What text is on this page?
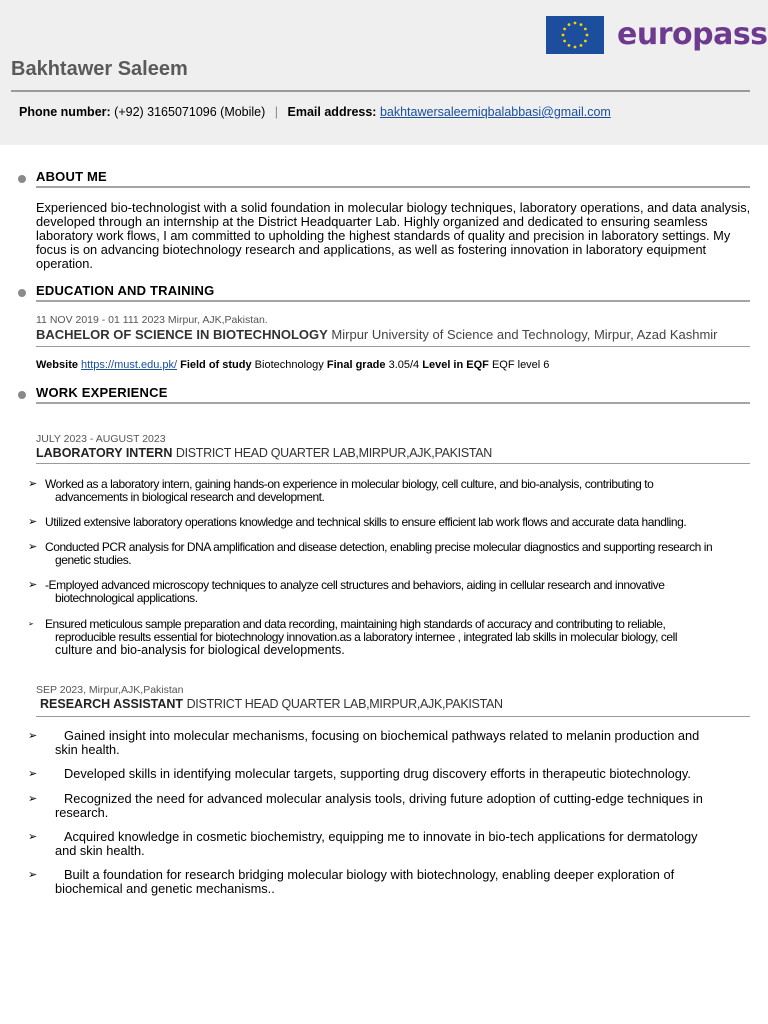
europass
Bakhtawer Saleem
Phone number: (+92) 3165071096 (Mobile) | Email address: bakhtawersaleemiqbalabbasi@gmail.com
ABOUT ME
Experienced bio-technologist with a solid foundation in molecular biology techniques, laboratory operations, and data analysis, developed through an internship at the District Headquarter Lab. Highly organized and dedicated to ensuring seamless laboratory work flows, I am committed to upholding the highest standards of quality and precision in laboratory settings. My focus is on advancing biotechnology research and applications, as well as fostering innovation in laboratory equipment operation.
EDUCATION AND TRAINING
11 NOV 2019 - 01 111 2023 Mirpur, AJK,Pakistan.
BACHELOR OF SCIENCE IN BIOTECHNOLOGY Mirpur University of Science and Technology, Mirpur, Azad Kashmir
Website https://must.edu.pk/ Field of study Biotechnology Final grade 3.05/4 Level in EQF EQF level 6
WORK EXPERIENCE
JULY 2023 - AUGUST 2023
LABORATORY INTERN DISTRICT HEAD QUARTER LAB,MIRPUR,AJK,PAKISTAN
➢ Worked as a laboratory intern, gaining hands-on experience in molecular biology, cell culture, and bio-analysis, contributing to
advancements in biological research and development.
➢ Utilized extensive laboratory operations knowledge and technical skills to ensure efficient lab work flows and accurate data handling.
➢ Conducted PCR analysis for DNA amplification and disease detection, enabling precise molecular diagnostics and supporting research in
genetic studies.
➢ -Employed advanced microscopy techniques to analyze cell structures and behaviors, aiding in cellular research and innovative
biotechnological applications.
➢ Ensured meticulous sample preparation and data recording, maintaining high standards of accuracy and contributing to reliable,
reproducible results essential for biotechnology innovation.as a laboratory internee , integrated lab skills in molecular biology, cell
culture and bio-analysis for biological developments.
SEP 2023, Mirpur,AJK,Pakistan
RESEARCH ASSISTANT DISTRICT HEAD QUARTER LAB,MIRPUR,AJK,PAKISTAN
➢ Gained insight into molecular mechanisms, focusing on biochemical pathways related to melanin production and
skin health.
➢ Developed skills in identifying molecular targets, supporting drug discovery efforts in therapeutic biotechnology.
➢ Recognized the need for advanced molecular analysis tools, driving future adoption of cutting-edge techniques in
research.
➢ Acquired knowledge in cosmetic biochemistry, equipping me to innovate in bio-tech applications for dermatology
and skin health.
➢ Built a foundation for research bridging molecular biology with biotechnology, enabling deeper exploration of
biochemical and genetic mechanisms..
